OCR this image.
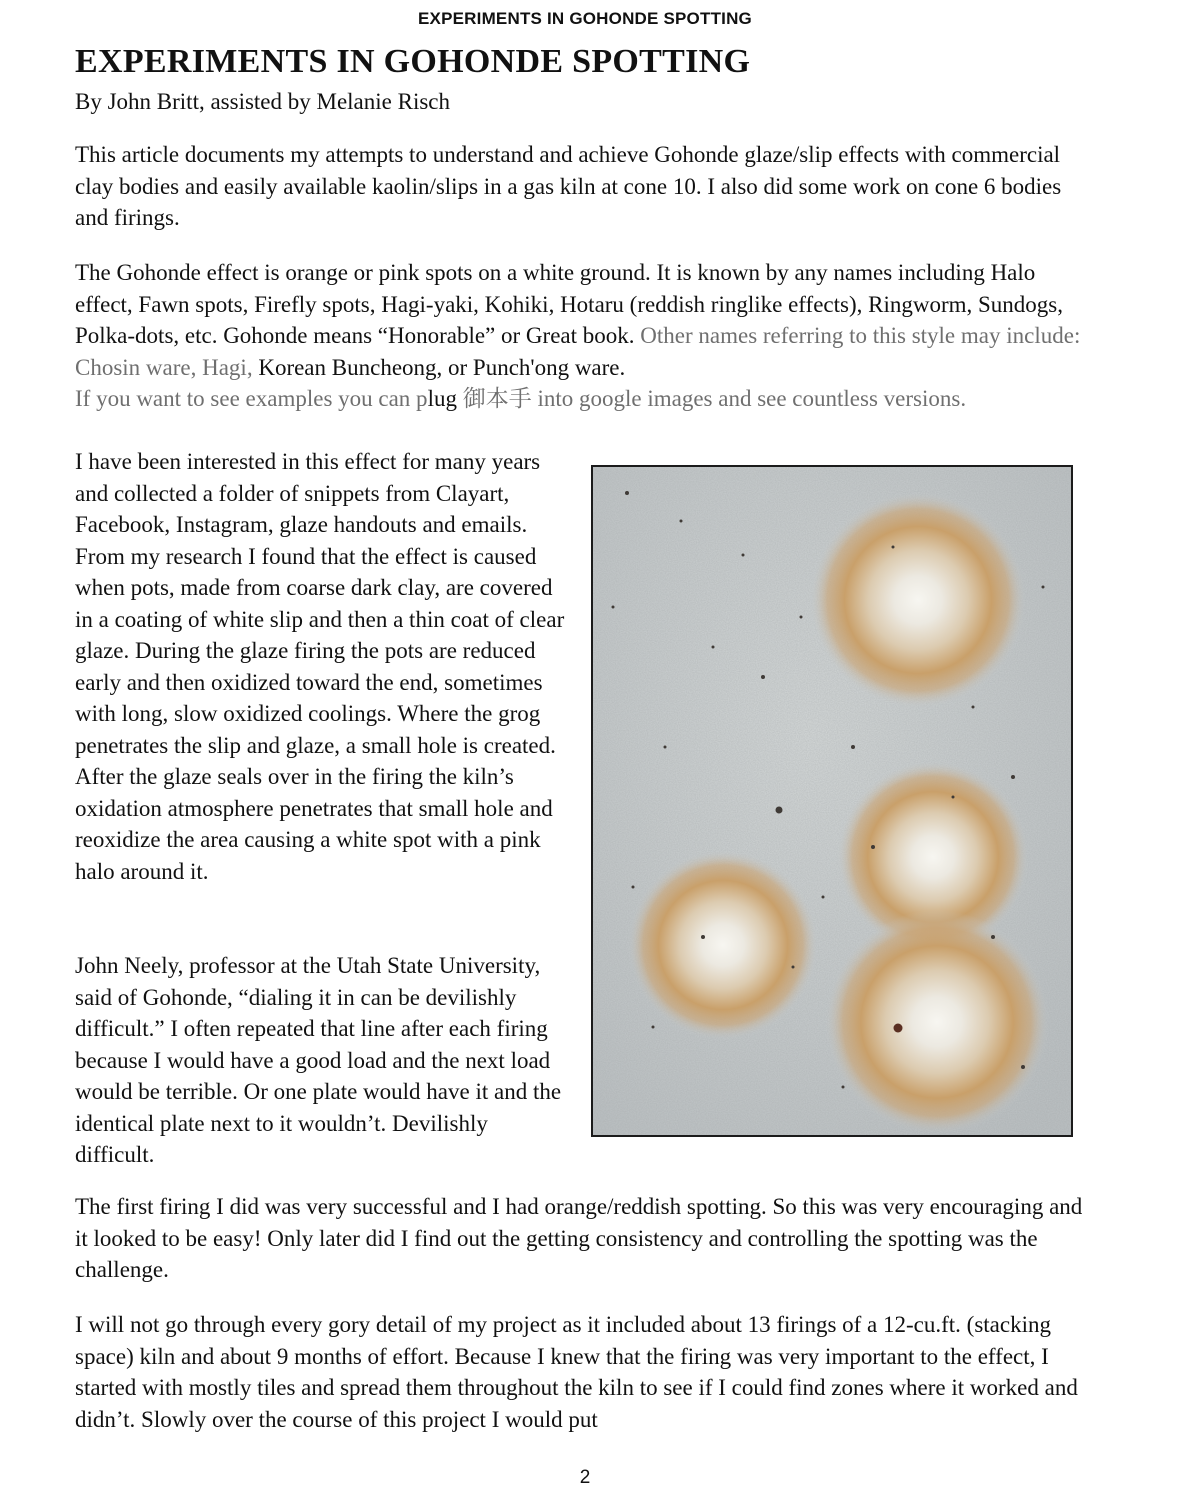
EXPERIMENTS IN GOHONDE SPOTTING
EXPERIMENTS IN GOHONDE SPOTTING

By John Britt, assisted by Melanie Risch

This article documents my attempts to understand and achieve Gohonde glaze/slip effects with commercial clay bodies and easily available kaolin/slips in a gas kiln at cone 10. I also did some work on cone 6 bodies and firings.

The Gohonde effect is orange or pink spots on a white ground. It is known by any names including Halo effect, Fawn spots, Firefly spots, Hagi-yaki, Kohiki, Hotaru (reddish ringlike effects), Ringworm, Sundogs, Polka-dots, etc. Gohonde means “Honorable” or Great book. Other names referring to this style may include: Chosin ware, Hagi, Korean Buncheong, or Punch'ong ware.
If you want to see examples you can plug 御本手 into google images and see countless versions.

I have been interested in this effect for many years and collected a folder of snippets from Clayart, Facebook, Instagram, glaze handouts and emails. From my research I found that the effect is caused when pots, made from coarse dark clay, are covered in a coating of white slip and then a thin coat of clear glaze. During the glaze firing the pots are reduced early and then oxidized toward the end, sometimes with long, slow oxidized coolings. Where the grog penetrates the slip and glaze, a small hole is created. After the glaze seals over in the firing the kiln’s oxidation atmosphere penetrates that small hole and reoxidize the area causing a white spot with a pink halo around it.

John Neely, professor at the Utah State University, said of Gohonde, “dialing it in can be devilishly difficult.” I often repeated that line after each firing because I would have a good load and the next load would be terrible. Or one plate would have it and the identical plate next to it wouldn’t. Devilishly difficult.

The first firing I did was very successful and I had orange/reddish spotting. So this was very encouraging and it looked to be easy! Only later did I find out the getting consistency and controlling the spotting was the challenge.

I will not go through every gory detail of my project as it included about 13 firings of a 12-cu.ft. (stacking space) kiln and about 9 months of effort. Because I knew that the firing was very important to the effect, I started with mostly tiles and spread them throughout the kiln to see if I could find zones where it worked and didn’t. Slowly over the course of this project I would put

2
